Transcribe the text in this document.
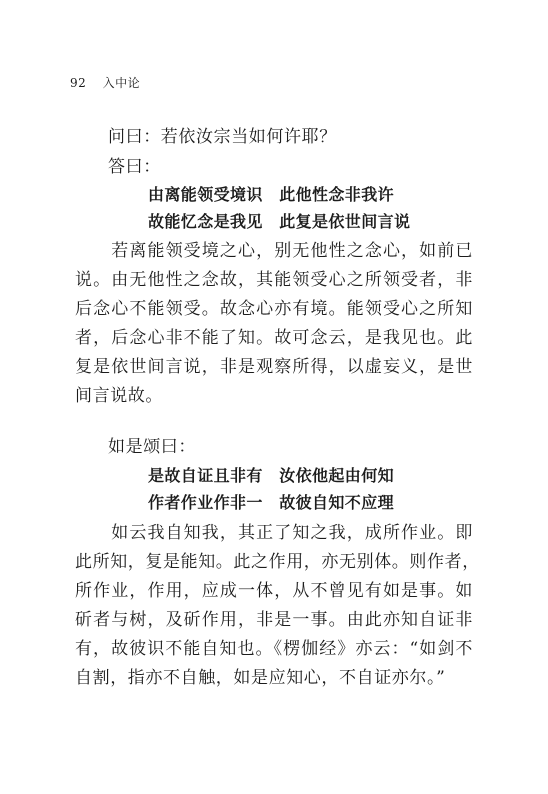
92 入中论
问曰：若依汝宗当如何许耶？
答曰：
由离能领受境识　此他性念非我许
故能忆念是我见　此复是依世间言说
　　若离能领受境之心，别无他性之念心，如前已
说。由无他性之念故，其能领受心之所领受者，非
后念心不能领受。故念心亦有境。能领受心之所知
者，后念心非不能了知。故可念云，是我见也。此
复是依世间言说，非是观察所得，以虚妄义，是世
间言说故。
如是颂曰：
是故自证且非有　汝依他起由何知
作者作业作非一　故彼自知不应理
　　如云我自知我，其正了知之我，成所作业。即
此所知，复是能知。此之作用，亦无别体。则作者，
所作业，作用，应成一体，从不曾见有如是事。如
斫者与树，及斫作用，非是一事。由此亦知自证非
有，故彼识不能自知也。《楞伽经》亦云：“如剑不
自割，指亦不自触，如是应知心，不自证亦尔。”
